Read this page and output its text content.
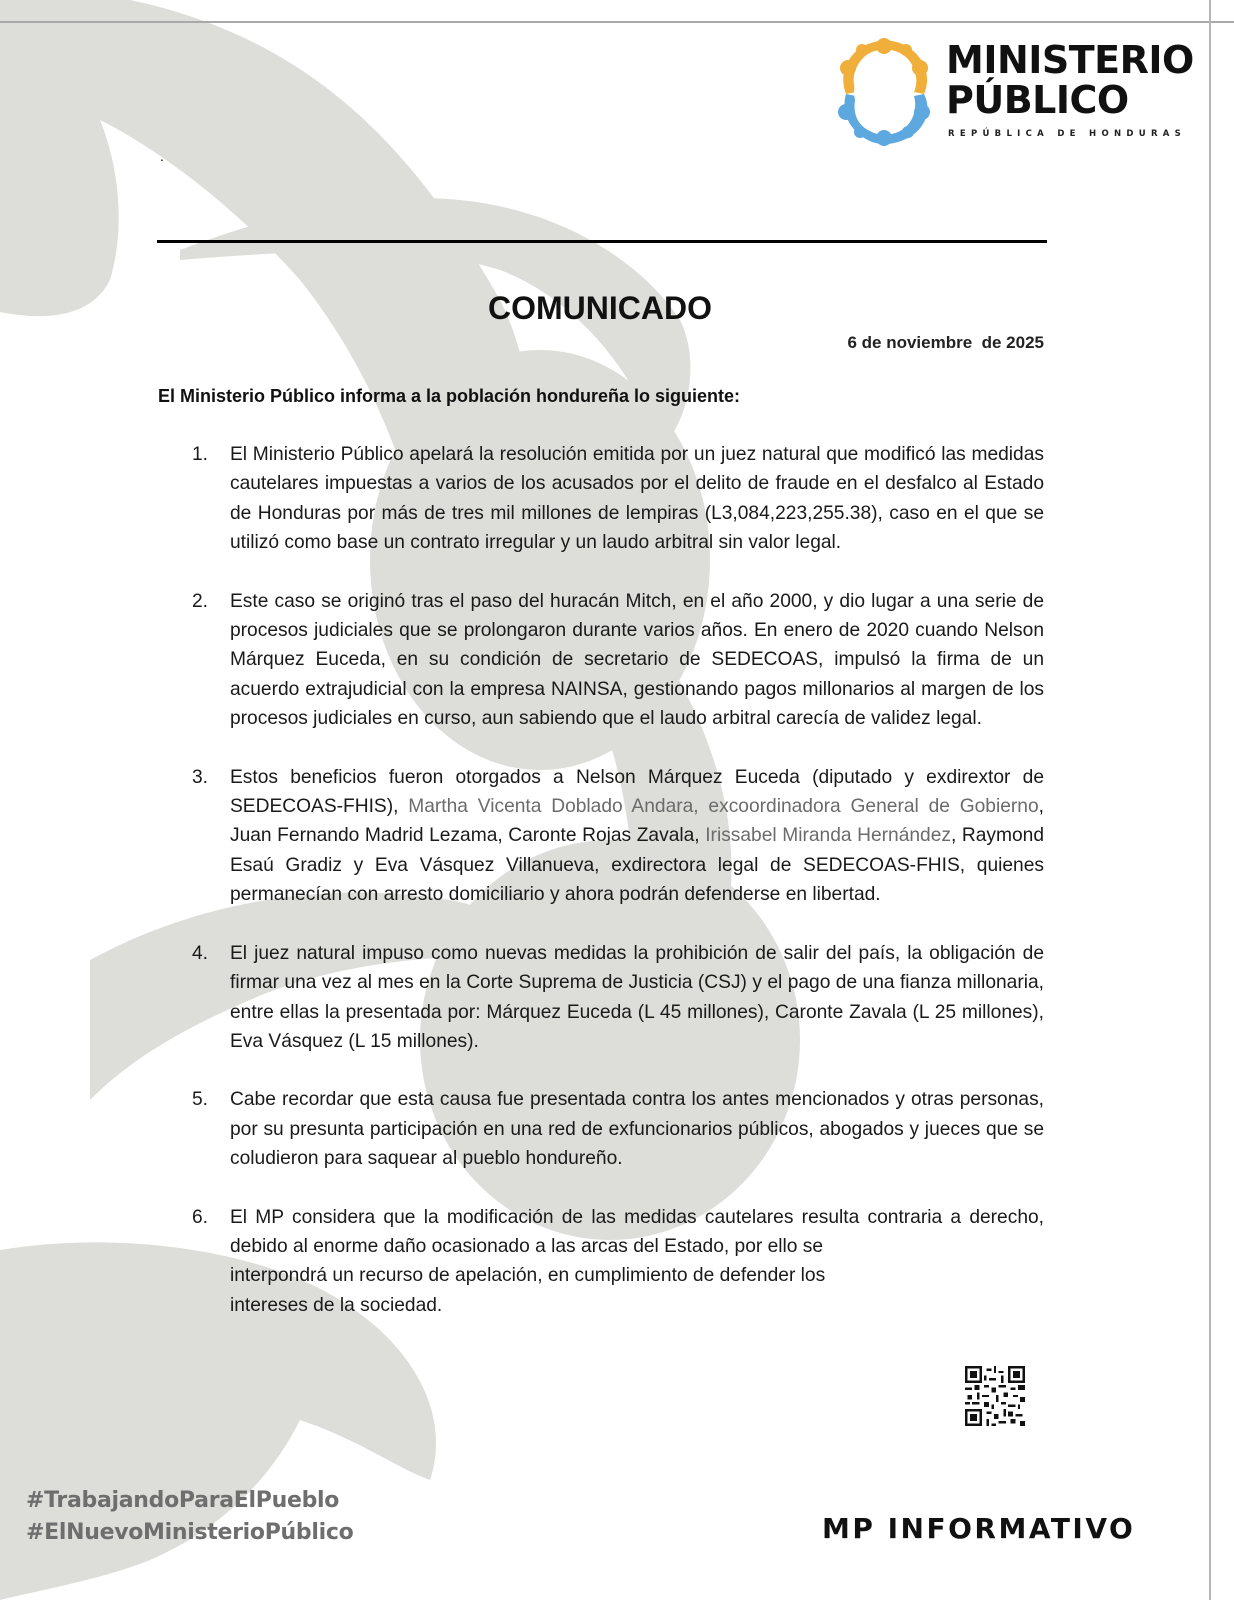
MINISTERIO
PÚBLICO
REPÚBLICA DE HONDURAS
.
COMUNICADO
6 de noviembre  de 2025
El Ministerio Público informa a la población hondureña lo siguiente:
1. El Ministerio Público apelará la resolución emitida por un juez natural que modificó las medidas cautelares impuestas a varios de los acusados por el delito de fraude en el desfalco al Estado de Honduras por más de tres mil millones de lempiras (L3,084,223,255.38), caso en el que se utilizó como base un contrato irregular y un laudo arbitral sin valor legal.
2. Este caso se originó tras el paso del huracán Mitch, en el año 2000, y dio lugar a una serie de procesos judiciales que se prolongaron durante varios años. En enero de 2020 cuando Nelson Márquez Euceda, en su condición de secretario de SEDECOAS, impulsó la firma de un acuerdo extrajudicial con la empresa NAINSA, gestionando pagos millonarios al margen de los procesos judiciales en curso, aun sabiendo que el laudo arbitral carecía de validez legal.
3. Estos beneficios fueron otorgados a Nelson Márquez Euceda (diputado y exdirextor de SEDECOAS-FHIS), Martha Vicenta Doblado Andara, excoordinadora General de Gobierno, Juan Fernando Madrid Lezama, Caronte Rojas Zavala, Irissabel Miranda Hernández, Raymond Esaú Gradiz y Eva Vásquez Villanueva, exdirectora legal de SEDECOAS-FHIS, quienes permanecían con arresto domiciliario y ahora podrán defenderse en libertad.
4. El juez natural impuso como nuevas medidas la prohibición de salir del país, la obligación de firmar una vez al mes en la Corte Suprema de Justicia (CSJ) y el pago de una fianza millonaria, entre ellas la presentada por: Márquez Euceda (L 45 millones), Caronte Zavala (L 25 millones), Eva Vásquez (L 15 millones).
5. Cabe recordar que esta causa fue presentada contra los antes mencionados y otras personas, por su presunta participación en una red de exfuncionarios públicos, abogados y jueces que se coludieron para saquear al pueblo hondureño.
6. El MP considera que la modificación de las medidas cautelares resulta contraria a derecho, debido al enorme daño ocasionado a las arcas del Estado, por ello se
interpondrá un recurso de apelación, en cumplimiento de defender los
intereses de la sociedad.
#TrabajandoParaElPueblo
#ElNuevoMinisterioPúblico	MP INFORMATIVO
